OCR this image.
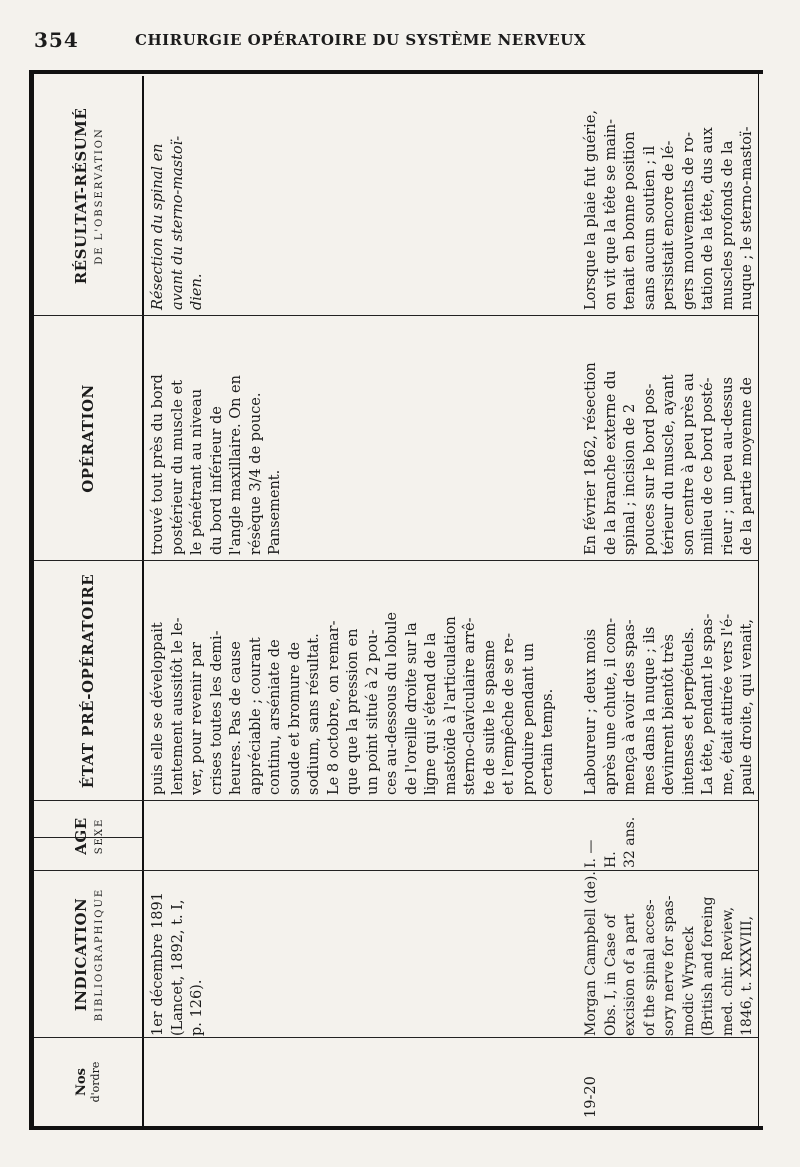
354	CHIRURGIE OPÉRATOIRE DU SYSTÈME NERVEUX
Nos d'ordre
INDICATION BIBLIOGRAPHIQUE
AGE SEXE
ÉTAT PRÉ-OPÉRATOIRE
OPÉRATION
RÉSULTAT-RÉSUMÉ DE L'OBSERVATION
1er décembre 1891 (Lancet, 1892, t. I, p. 126).
puis elle se développait lentement aussitôt le le- ver, pour revenir par crises toutes les demi- heures. Pas de cause appréciable ; courant continu, arséniate de soude et bromure de sodium, sans résultat. Le 8 octobre, on remar- que que la pression en un point situé à 2 pou- ces au-dessous du lobule de l'oreille droite sur la ligne qui s'étend de la mastoïde à l'articulation sterno-claviculaire arrê- te de suite le spasme et l'empêche de se re- produire pendant un certain temps.
trouvé tout près du bord postérieur du muscle et le pénétrant au niveau du bord inférieur de l'angle maxillaire. On en résèque 3/4 de pouce. Pansement.
Résection du spinal en avant du sterno-mastoï- dien.
19-20
Morgan Campbell (de). Obs. I, in Case of excision of a part of the spinal acces- sory nerve for spas- modic Wryneck (British and foreing med. chir. Review, 1846, t. XXXVIII,
I. — H. 32 ans.
Laboureur ; deux mois après une chute, il com- mença à avoir des spas- mes dans la nuque ; ils devinrent bientôt très intenses et perpétuels. La tête, pendant le spas- me, était attirée vers l'é- paule droite, qui venait,
En février 1862, résection de la branche externe du spinal ; incision de 2 pouces sur le bord pos- térieur du muscle, ayant son centre à peu près au milieu de ce bord posté- rieur ; un peu au-dessus de la partie moyenne de
Lorsque la plaie fut guérie, on vit que la tête se main- tenait en bonne position sans aucun soutien ; il persistait encore de lé- gers mouvements de ro- tation de la tête, dus aux muscles profonds de la nuque ; le sterno-mastoï-
